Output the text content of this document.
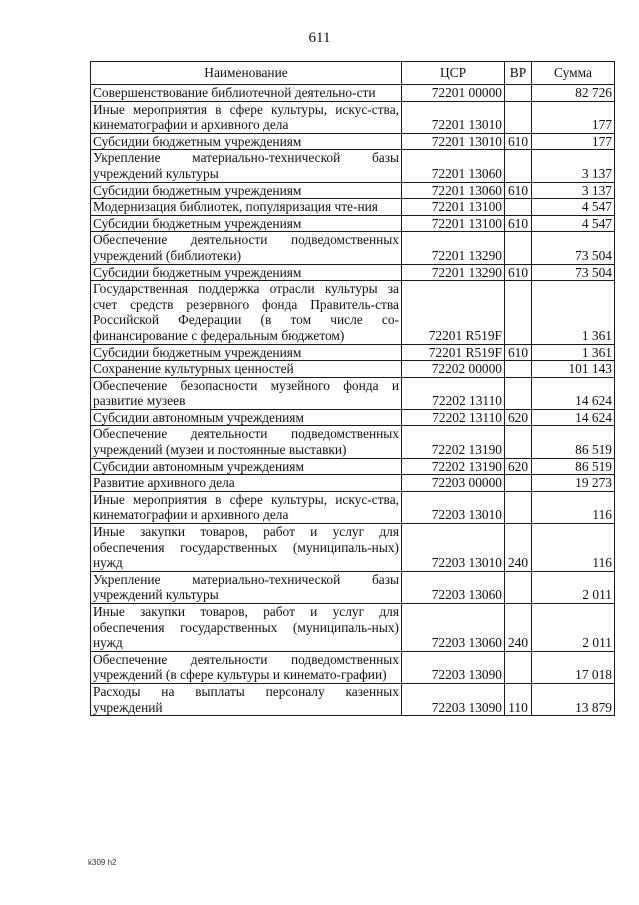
611
Наименование	ЦСР	ВР	Сумма
Совершенствование библиотечной деятельно-сти	72201 00000		82 726
Иные мероприятия в сфере культуры, искус-ства, кинематографии и архивного дела	72201 13010		177
Субсидии бюджетным учреждениям	72201 13010	610	177
Укрепление материально-технической базы учреждений культуры	72201 13060		3 137
Субсидии бюджетным учреждениям	72201 13060	610	3 137
Модернизация библиотек, популяризация чте-ния	72201 13100		4 547
Субсидии бюджетным учреждениям	72201 13100	610	4 547
Обеспечение деятельности подведомственных учреждений (библиотеки)	72201 13290		73 504
Субсидии бюджетным учреждениям	72201 13290	610	73 504
Государственная поддержка отрасли культуры за счет средств резервного фонда Правитель-ства Российской Федерации (в том числе со-финансирование с федеральным бюджетом)	72201 R519F		1 361
Субсидии бюджетным учреждениям	72201 R519F	610	1 361
Сохранение культурных ценностей	72202 00000		101 143
Обеспечение безопасности музейного фонда и развитие музеев	72202 13110		14 624
Субсидии автономным учреждениям	72202 13110	620	14 624
Обеспечение деятельности подведомственных учреждений (музеи и постоянные выставки)	72202 13190		86 519
Субсидии автономным учреждениям	72202 13190	620	86 519
Развитие архивного дела	72203 00000		19 273
Иные мероприятия в сфере культуры, искус-ства, кинематографии и архивного дела	72203 13010		116
Иные закупки товаров, работ и услуг для обеспечения государственных (муниципаль-ных) нужд	72203 13010	240	116
Укрепление материально-технической базы учреждений культуры	72203 13060		2 011
Иные закупки товаров, работ и услуг для обеспечения государственных (муниципаль-ных) нужд	72203 13060	240	2 011
Обеспечение деятельности подведомственных учреждений (в сфере культуры и кинемато-графии)	72203 13090		17 018
Расходы на выплаты персоналу казенных учреждений	72203 13090	110	13 879
k309 h2
